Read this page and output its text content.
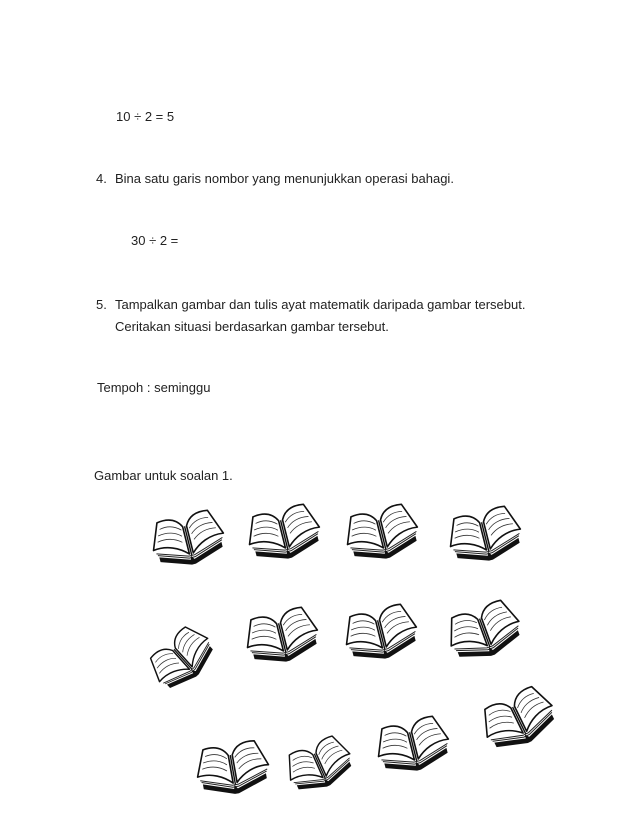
10 ÷ 2 = 5
4. Bina satu garis nombor yang menunjukkan operasi bahagi.
30 ÷ 2 =
5. Tampalkan gambar dan tulis ayat matematik daripada gambar tersebut.
Ceritakan situasi berdasarkan gambar tersebut.
Tempoh : seminggu
Gambar untuk soalan 1.
